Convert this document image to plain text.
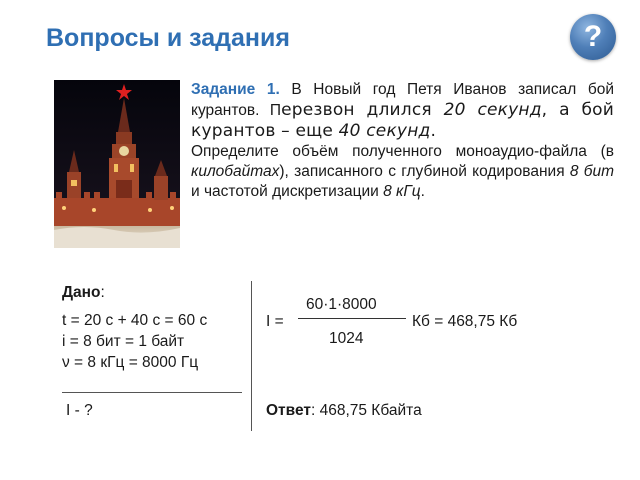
Вопросы и задания	?

Задание 1. В Новый год Петя Иванов записал бой курантов. Перезвон длился 20 секунд, а бой курантов – еще 40 секунд.

Определите объём полученного моноаудио-файла (в килобайтах), записанного с глубиной кодирования 8 бит и частотой дискретизации 8 кГц.

Дано:
t = 20 с + 40 с = 60 с
i = 8 бит = 1 байт
ν = 8 кГц = 8000 Гц
I - ?
I =
60·1·8000
1024
Кб = 468,75 Кб
Ответ: 468,75 Кбайта
